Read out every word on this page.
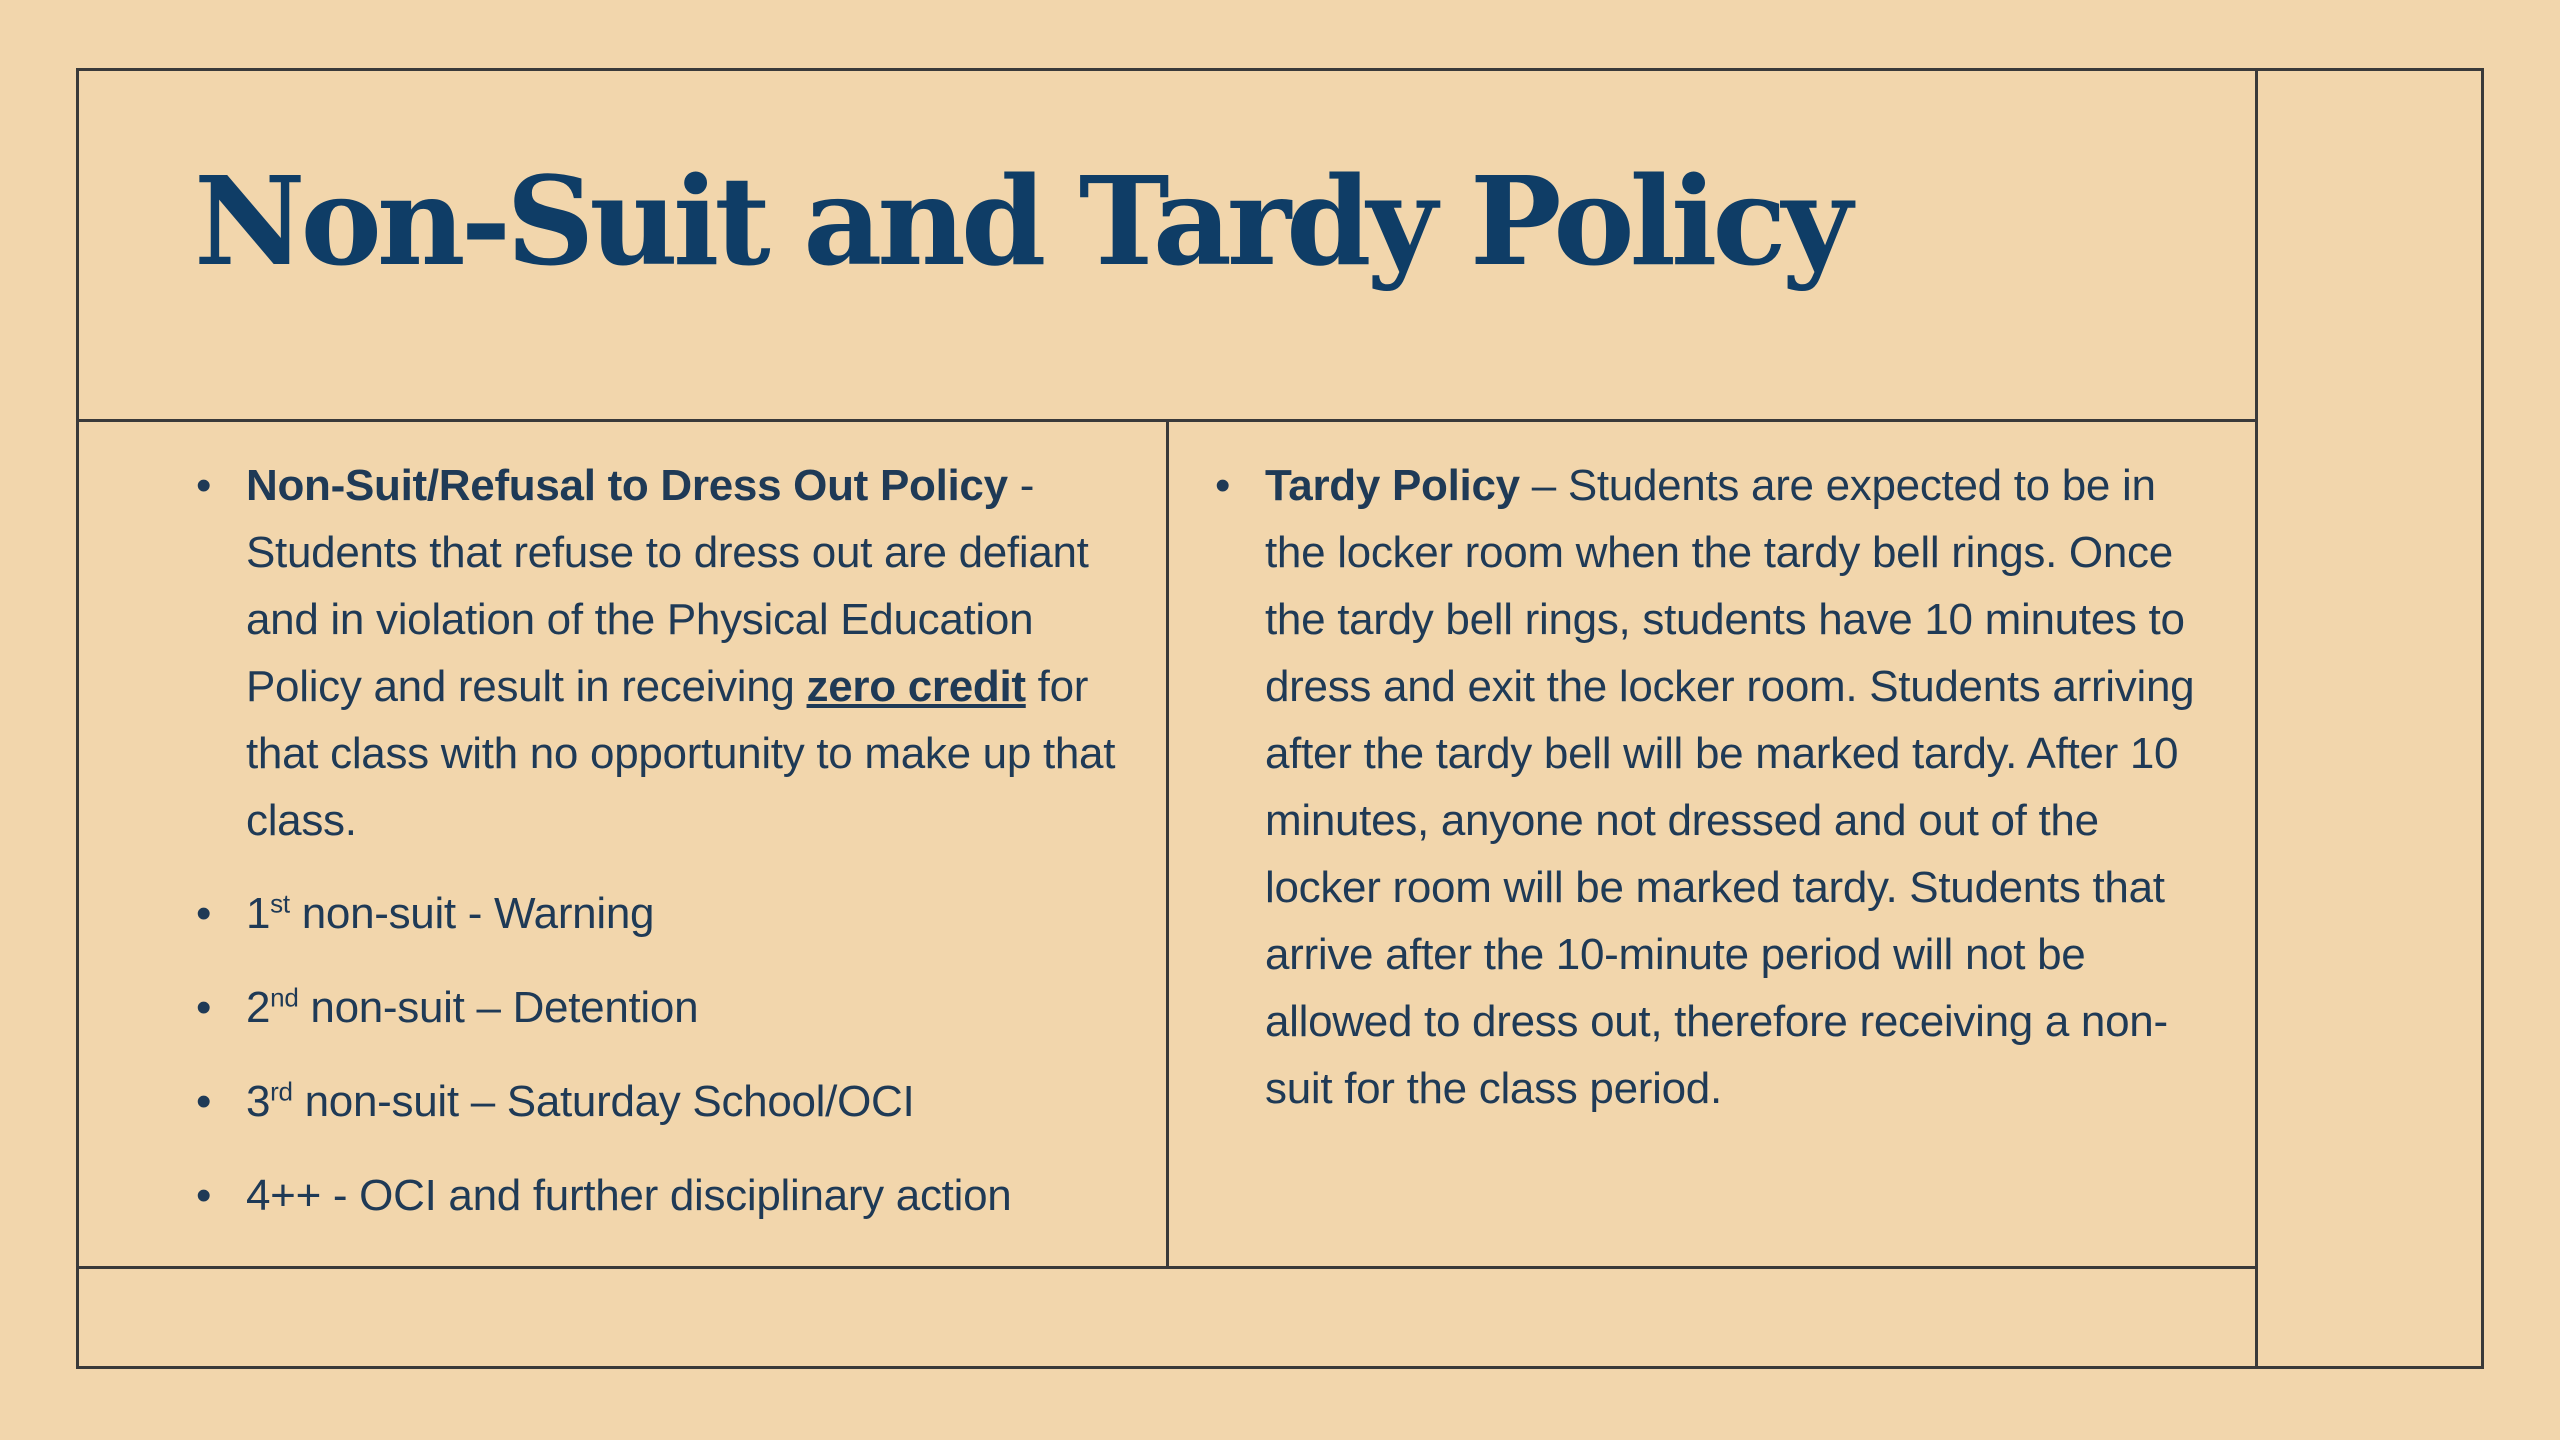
Non-Suit and Tardy Policy
• Non-Suit/Refusal to Dress Out Policy - Students that refuse to dress out are defiant and in violation of the Physical Education Policy and result in receiving zero credit for that class with no opportunity to make up that class.
• 1st non-suit - Warning
• 2nd non-suit – Detention
• 3rd non-suit – Saturday School/OCI
• 4++ - OCI and further disciplinary action
• Tardy Policy – Students are expected to be in the locker room when the tardy bell rings. Once the tardy bell rings, students have 10 minutes to dress and exit the locker room. Students arriving after the tardy bell will be marked tardy. After 10 minutes, anyone not dressed and out of the locker room will be marked tardy. Students that arrive after the 10-minute period will not be allowed to dress out, therefore receiving a non-suit for the class period.
